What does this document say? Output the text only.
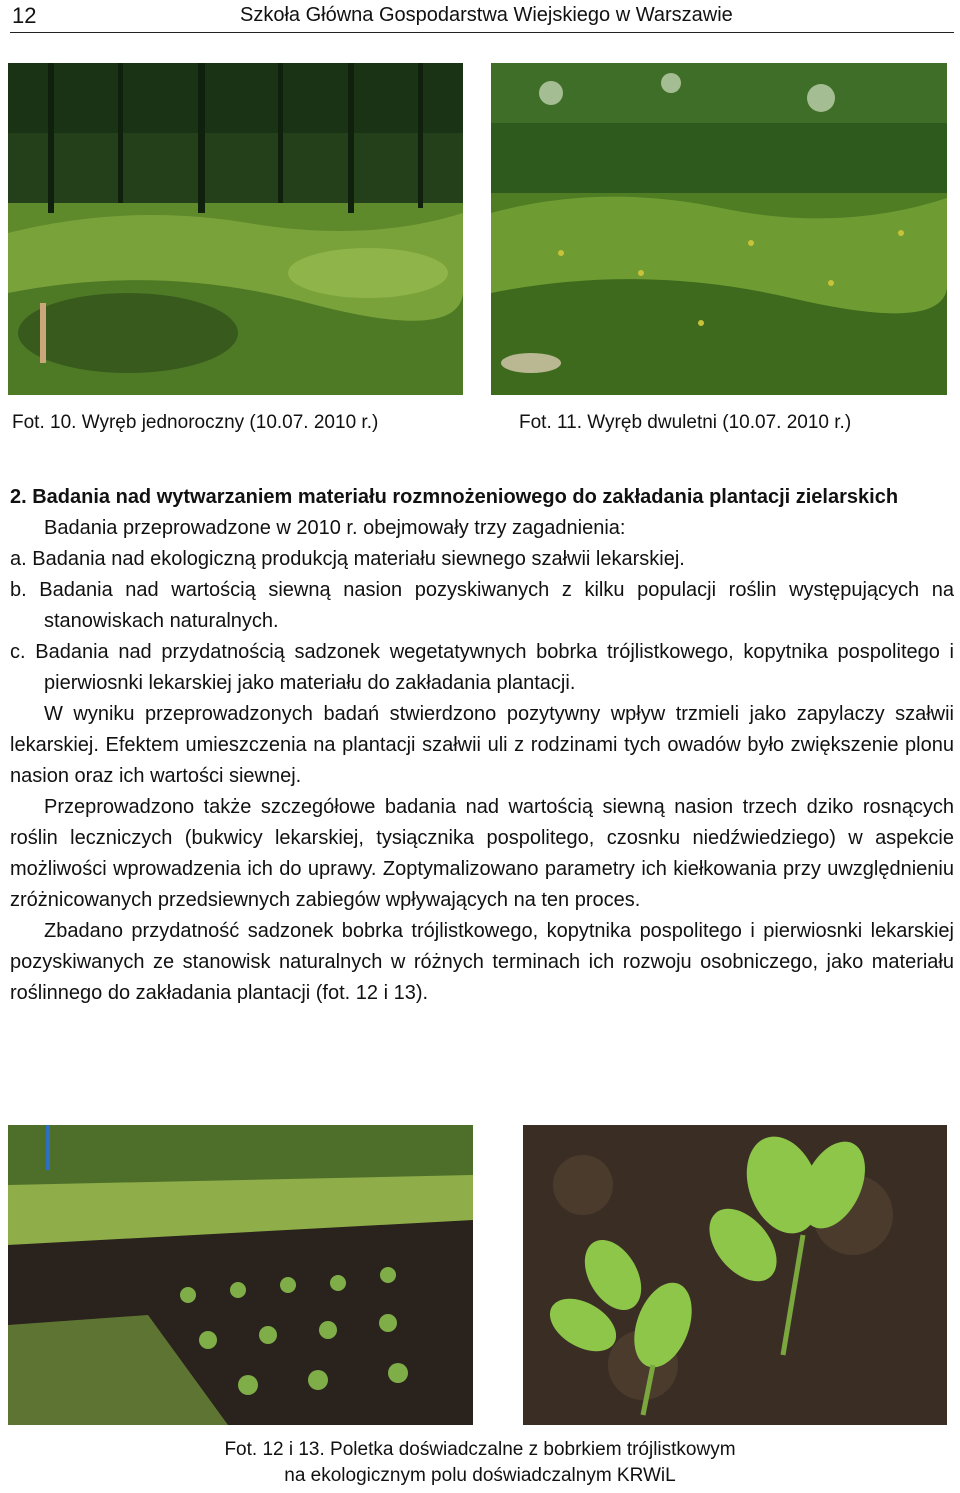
12	Szkoła Główna Gospodarstwa Wiejskiego w Warszawie
Fot. 10. Wyręb jednoroczny (10.07. 2010 r.)	Fot. 11. Wyręb dwuletni (10.07. 2010 r.)

2. Badania nad wytwarzaniem materiału rozmnożeniowego do zakładania plantacji zielarskich

Badania przeprowadzone w 2010 r. obejmowały trzy zagadnienia:

a. Badania nad ekologiczną produkcją materiału siewnego szałwii lekarskiej.

b. Badania nad wartością siewną nasion pozyskiwanych z kilku populacji roślin występujących na stanowiskach naturalnych.

c. Badania nad przydatnością sadzonek wegetatywnych bobrka trójlistkowego, kopytnika pospolitego i pierwiosnki lekarskiej jako materiału do zakładania plantacji.

W wyniku przeprowadzonych badań stwierdzono pozytywny wpływ trzmieli jako zapylaczy szałwii lekarskiej. Efektem umieszczenia na plantacji szałwii uli z rodzinami tych owadów było zwiększenie plonu nasion oraz ich wartości siewnej.

Przeprowadzono także szczegółowe badania nad wartością siewną nasion trzech dziko rosnących roślin leczniczych (bukwicy lekarskiej, tysiącznika pospolitego, czosnku niedźwiedziego) w aspekcie możliwości wprowadzenia ich do uprawy. Zoptymalizowano parametry ich kiełkowania przy uwzględnieniu zróżnicowanych przedsiewnych zabiegów wpływających na ten proces.

Zbadano przydatność sadzonek bobrka trójlistkowego, kopytnika pospolitego i pierwiosnki lekarskiej pozyskiwanych ze stanowisk naturalnych w różnych terminach ich rozwoju osobniczego, jako materiału roślinnego do zakładania plantacji (fot. 12 i 13).

Fot. 12 i 13. Poletka doświadczalne z bobrkiem trójlistkowym
na ekologicznym polu doświadczalnym KRWiL
